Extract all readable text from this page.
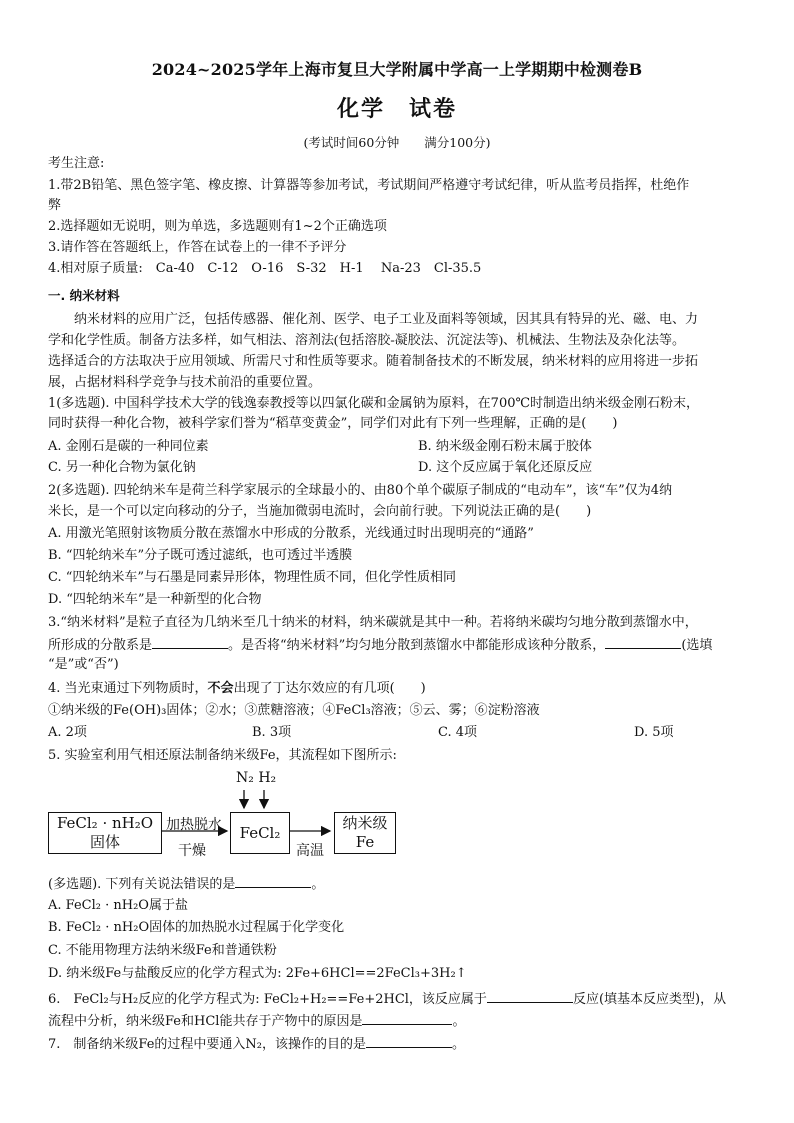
2024~2025学年上海市复旦大学附属中学高一上学期期中检测卷B
化学　试卷
(考试时间60分钟　　满分100分)
考生注意:
1.带2B铅笔、黑色签字笔、橡皮擦、计算器等参加考试，考试期间严格遵守考试纪律，听从监考员指挥，杜绝作
弊
2.选择题如无说明，则为单选，多选题则有1~2个正确选项
3.请作答在答题纸上，作答在试卷上的一律不予评分
4.相对原子质量:　Ca-40　C-12　O-16　S-32　H-1　 Na-23　Cl-35.5
一. 纳米材料
　　纳米材料的应用广泛，包括传感器、催化剂、医学、电子工业及面料等领域，因其具有特异的光、磁、电、力
学和化学性质。制备方法多样，如气相法、溶剂法(包括溶胶-凝胶法、沉淀法等)、机械法、生物法及杂化法等。
选择适合的方法取决于应用领域、所需尺寸和性质等要求。随着制备技术的不断发展，纳米材料的应用将进一步拓
展，占据材料科学竞争与技术前沿的重要位置。
1(多选题). 中国科学技术大学的钱逸泰教授等以四氯化碳和金属钠为原料，在700℃时制造出纳米级金刚石粉末，
同时获得一种化合物，被科学家们誉为“稻草变黄金”，同学们对此有下列一些理解，正确的是(　　)
A. 金刚石是碳的一种同位素	B. 纳米级金刚石粉末属于胶体
C. 另一种化合物为氯化钠	D. 这个反应属于氧化还原反应
2(多选题). 四轮纳米车是荷兰科学家展示的全球最小的、由80个单个碳原子制成的“电动车”，该“车”仅为4纳
米长，是一个可以定向移动的分子，当施加微弱电流时，会向前行驶。下列说法正确的是(　　)
A. 用激光笔照射该物质分散在蒸馏水中形成的分散系，光线通过时出现明亮的“通路”
B. “四轮纳米车”分子既可透过滤纸，也可透过半透膜
C. “四轮纳米车”与石墨是同素异形体，物理性质不同，但化学性质相同
D. “四轮纳米车”是一种新型的化合物
3.“纳米材料”是粒子直径为几纳米至几十纳米的材料，纳米碳就是其中一种。若将纳米碳均匀地分散到蒸馏水中，
所形成的分散系是	。是否将“纳米材料”均匀地分散到蒸馏水中都能形成该种分散系，	(选填
“是”或“否”)
4. 当光束通过下列物质时，不会出现了丁达尔效应的有几项(　　)
①纳米级的Fe(OH)₃固体；②水；③蔗糖溶液；④FeCl₃溶液；⑤云、雾；⑥淀粉溶液
A. 2项	B. 3项	C. 4项	D. 5项
5. 实验室利用气相还原法制备纳米级Fe，其流程如下图所示:
N₂ H₂
FeCl₂ · nH₂O
固体
加热脱水
干燥
FeCl₂
高温
纳米级
Fe
(多选题). 下列有关说法错误的是	。
A. FeCl₂ · nH₂O属于盐
B. FeCl₂ · nH₂O固体的加热脱水过程属于化学变化
C. 不能用物理方法纳米级Fe和普通铁粉
D. 纳米级Fe与盐酸反应的化学方程式为: 2Fe+6HCl==2FeCl₃+3H₂↑
6.　FeCl₂与H₂反应的化学方程式为: FeCl₂+H₂==Fe+2HCl，该反应属于	反应(填基本反应类型)，从
流程中分析，纳米级Fe和HCl能共存于产物中的原因是	。
7.　制备纳米级Fe的过程中要通入N₂，该操作的目的是	。
